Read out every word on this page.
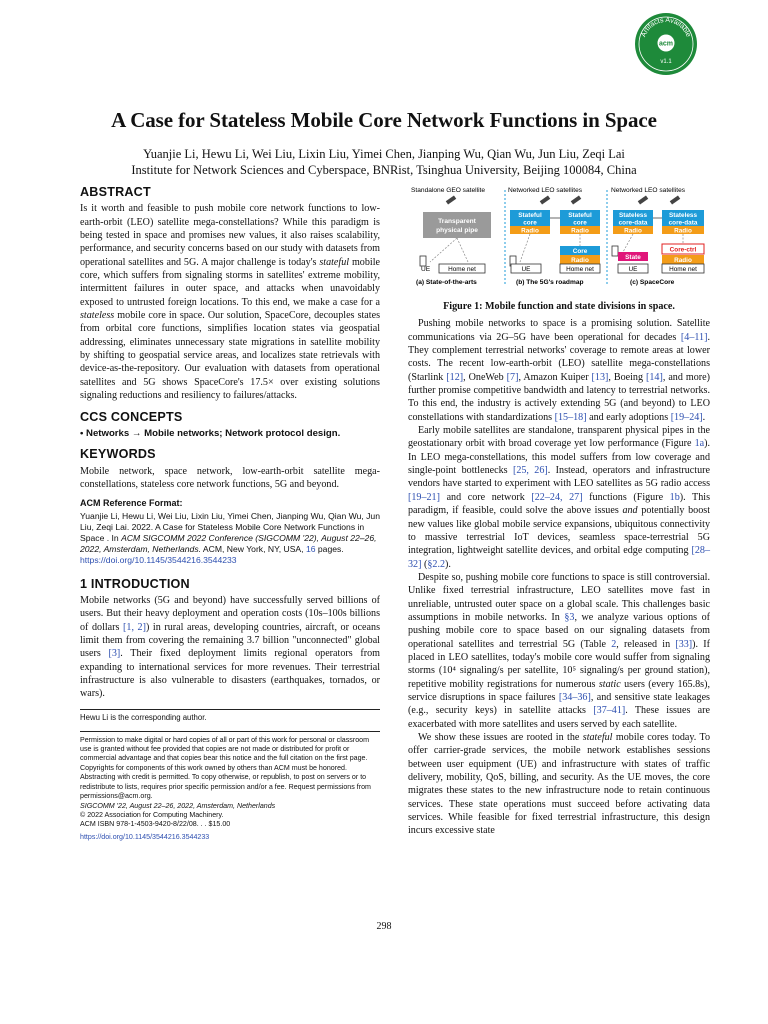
Artifacts Available
acm
v1.1
A Case for Stateless Mobile Core Network Functions in Space
Yuanjie Li, Hewu Li, Wei Liu, Lixin Liu, Yimei Chen, Jianping Wu, Qian Wu, Jun Liu, Zeqi Lai
Institute for Network Sciences and Cyberspace, BNRist, Tsinghua University, Beijing 100084, China
ABSTRACT

Is it worth and feasible to push mobile core network functions to low-earth-orbit (LEO) satellite mega-constellations? While this paradigm is being tested in space and promises new values, it also raises scalability, performance, and security concerns based on our study with datasets from operational satellites and 5G. A major challenge is today's stateful mobile core, which suffers from signaling storms in satellites' extreme mobility, intermittent failures in outer space, and attacks when unavoidably exposed to untrusted foreign locations. To this end, we make a case for a stateless mobile core in space. Our solution, SpaceCore, decouples states from orbital core functions, simplifies location states via geospatial addressing, eliminates unnecessary state migrations in satellite mobility by shifting to geospatial service areas, and localizes state retrievals with device-as-the-repository. Our evaluation with datasets from operational satellites and 5G shows SpaceCore's 17.5× over existing solutions signaling reductions and resiliency to failures/attacks.

CCS CONCEPTS

• Networks → Mobile networks; Network protocol design.

KEYWORDS

Mobile network, space network, low-earth-orbit satellite mega-constellations, stateless core network functions, 5G and beyond.

ACM Reference Format:

Yuanjie Li, Hewu Li, Wei Liu, Lixin Liu, Yimei Chen, Jianping Wu, Qian Wu, Jun Liu, Zeqi Lai. 2022. A Case for Stateless Mobile Core Network Functions in Space . In ACM SIGCOMM 2022 Conference (SIGCOMM '22), August 22–26, 2022, Amsterdam, Netherlands. ACM, New York, NY, USA, 16 pages. https://doi.org/10.1145/3544216.3544233

1 INTRODUCTION

Mobile networks (5G and beyond) have successfully served billions of users. But their heavy deployment and operation costs (10s–100s billions of dollars [1, 2]) in rural areas, developing countries, aircraft, or oceans limit them from covering the remaining 3.7 billion "unconnected" global users [3]. Their fixed deployment limits regional operators from expanding to international services for more revenues. Their terrestrial infrastructure is also vulnerable to disasters (earthquakes, tornados, or wars).

Hewu Li is the corresponding author.

Permission to make digital or hard copies of all or part of this work for personal or classroom use is granted without fee provided that copies are not made or distributed for profit or commercial advantage and that copies bear this notice and the full citation on the first page. Copyrights for components of this work owned by others than ACM must be honored. Abstracting with credit is permitted. To copy otherwise, or republish, to post on servers or to redistribute to lists, requires prior specific permission and/or a fee. Request permissions from permissions@acm.org.

SIGCOMM '22, August 22–26, 2022, Amsterdam, Netherlands

© 2022 Association for Computing Machinery.

ACM ISBN 978-1-4503-9420-8/22/08. . . $15.00

https://doi.org/10.1145/3544216.3544233
Standalone GEO satellite	Networked LEO satellites	Networked LEO satellites
Transparent
physical pipe
Stateful
core
Radio
Stateful
core
Radio
Stateless
core-data
Radio
Stateless
core-data
Radio
UE	Home net	UE
Core
Radio
Home net
State
UE
Core-ctrl
Radio
Home net
(a) State-of-the-arts	(b) The 5G's roadmap	(c) SpaceCore
Figure 1: Mobile function and state divisions in space.

Pushing mobile networks to space is a promising solution. Satellite communications via 2G–5G have been operational for decades [4–11]. They complement terrestrial networks' coverage to remote areas at lower costs. The recent low-earth-orbit (LEO) satellite mega-constellations (Starlink [12], OneWeb [7], Amazon Kuiper [13], Boeing [14], and more) further promise competitive bandwidth and latency to terrestrial networks. To this end, the industry is actively extending 5G (and beyond) to LEO constellations with standardizations [15–18] and early adoptions [19–24].

Early mobile satellites are standalone, transparent physical pipes in the geostationary orbit with broad coverage yet low performance (Figure 1a). In LEO mega-constellations, this model suffers from low coverage and single-point bottlenecks [25, 26]. Instead, operators and infrastructure vendors have started to experiment with LEO satellites as 5G radio access [19–21] and core network [22–24, 27] functions (Figure 1b). This paradigm, if feasible, could solve the above issues and potentially boost new values like global mobile service expansions, ubiquitous connectivity to massive terrestrial IoT devices, seamless space-terrestrial 5G integration, lightweight satellite devices, and orbital edge computing [28–32] (§2.2).

Despite so, pushing mobile core functions to space is still controversial. Unlike fixed terrestrial infrastructure, LEO satellites move fast in unreliable, untrusted outer space on a global scale. This challenges basic assumptions in mobile networks. In §3, we analyze various options of pushing mobile core to space based on our signaling datasets from operational satellites and terrestrial 5G (Table 2, released in [33]). If placed in LEO satellites, today's mobile core would suffer from signaling storms (10⁴ signaling/s per satellite, 10⁵ signaling/s per ground station), repetitive mobility registrations for numerous static users (every 165.8s), service disruptions in space failures [34–36], and sensitive state leakages (e.g., security keys) in satellite attacks [37–41]. These issues are exacerbated with more satellites and users served by each satellite.

We show these issues are rooted in the stateful mobile cores today. To offer carrier-grade services, the mobile network establishes sessions between user equipment (UE) and infrastructure with states of traffic delivery, mobility, QoS, billing, and security. As the UE moves, the core migrates these states to the new infrastructure node to retain continuous services. These state operations must succeed before activating data services. While feasible for fixed terrestrial infrastructure, this design incurs excessive state

298
